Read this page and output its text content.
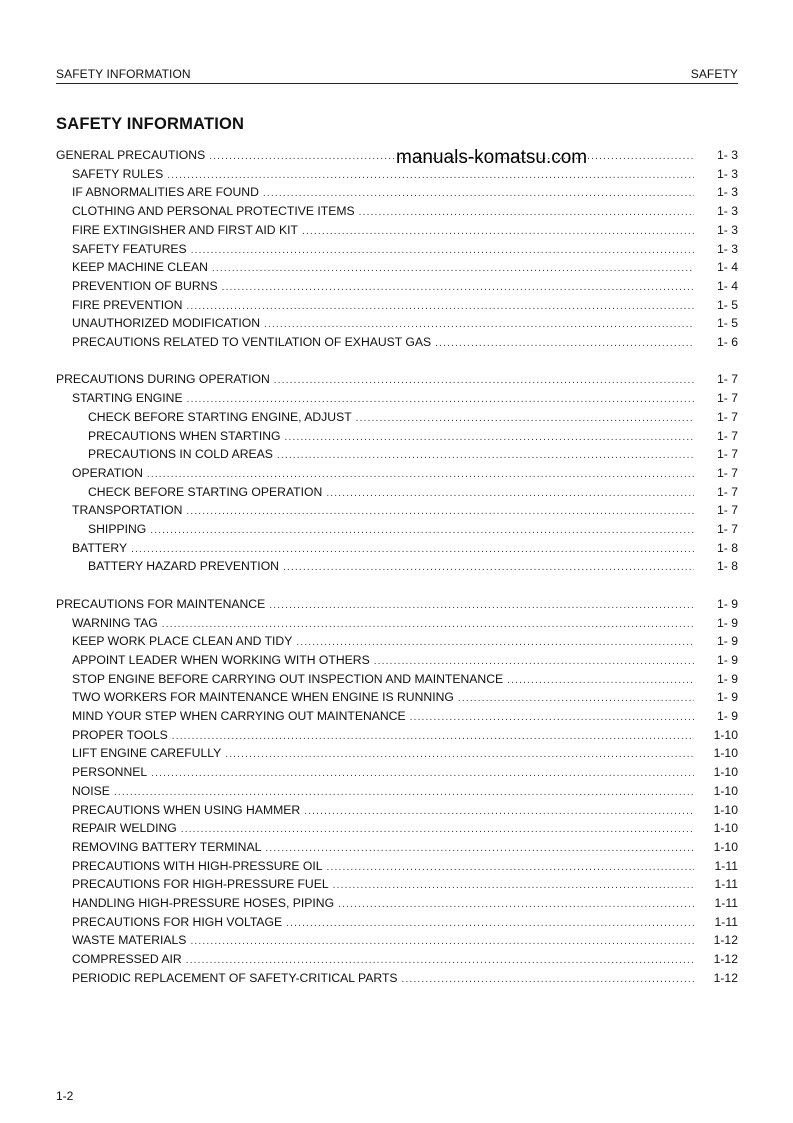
SAFETY INFORMATION	SAFETY
SAFETY INFORMATION
GENERAL PRECAUTIONS .....	1- 3
SAFETY RULES .....	1- 3
IF ABNORMALITIES ARE FOUND .....	1- 3
CLOTHING AND PERSONAL PROTECTIVE ITEMS .....	1- 3
FIRE EXTINGISHER AND FIRST AID KIT .....	1- 3
SAFETY FEATURES .....	1- 3
KEEP MACHINE CLEAN .....	1- 4
PREVENTION OF BURNS .....	1- 4
FIRE PREVENTION .....	1- 5
UNAUTHORIZED MODIFICATION .....	1- 5
PRECAUTIONS RELATED TO VENTILATION OF EXHAUST GAS .....	1- 6
PRECAUTIONS DURING OPERATION .....	1- 7
STARTING ENGINE .....	1- 7
CHECK BEFORE STARTING ENGINE, ADJUST .....	1- 7
PRECAUTIONS WHEN STARTING .....	1- 7
PRECAUTIONS IN COLD AREAS .....	1- 7
OPERATION .....	1- 7
CHECK BEFORE STARTING OPERATION .....	1- 7
TRANSPORTATION .....	1- 7
SHIPPING .....	1- 7
BATTERY .....	1- 8
BATTERY HAZARD PREVENTION .....	1- 8
PRECAUTIONS FOR MAINTENANCE .....	1- 9
WARNING TAG .....	1- 9
KEEP WORK PLACE CLEAN AND TIDY .....	1- 9
APPOINT LEADER WHEN WORKING WITH OTHERS .....	1- 9
STOP ENGINE BEFORE CARRYING OUT INSPECTION AND MAINTENANCE .....	1- 9
TWO WORKERS FOR MAINTENANCE WHEN ENGINE IS RUNNING .....	1- 9
MIND YOUR STEP WHEN CARRYING OUT MAINTENANCE .....	1- 9
PROPER TOOLS .....	1-10
LIFT ENGINE CAREFULLY .....	1-10
PERSONNEL .....	1-10
NOISE .....	1-10
PRECAUTIONS WHEN USING HAMMER .....	1-10
REPAIR WELDING .....	1-10
REMOVING BATTERY TERMINAL .....	1-10
PRECAUTIONS WITH HIGH-PRESSURE OIL .....	1-11
PRECAUTIONS FOR HIGH-PRESSURE FUEL .....	1-11
HANDLING HIGH-PRESSURE HOSES, PIPING .....	1-11
PRECAUTIONS FOR HIGH VOLTAGE .....	1-11
WASTE MATERIALS .....	1-12
COMPRESSED AIR .....	1-12
PERIODIC REPLACEMENT OF SAFETY-CRITICAL PARTS .....	1-12
manuals-komatsu.com
1-2
